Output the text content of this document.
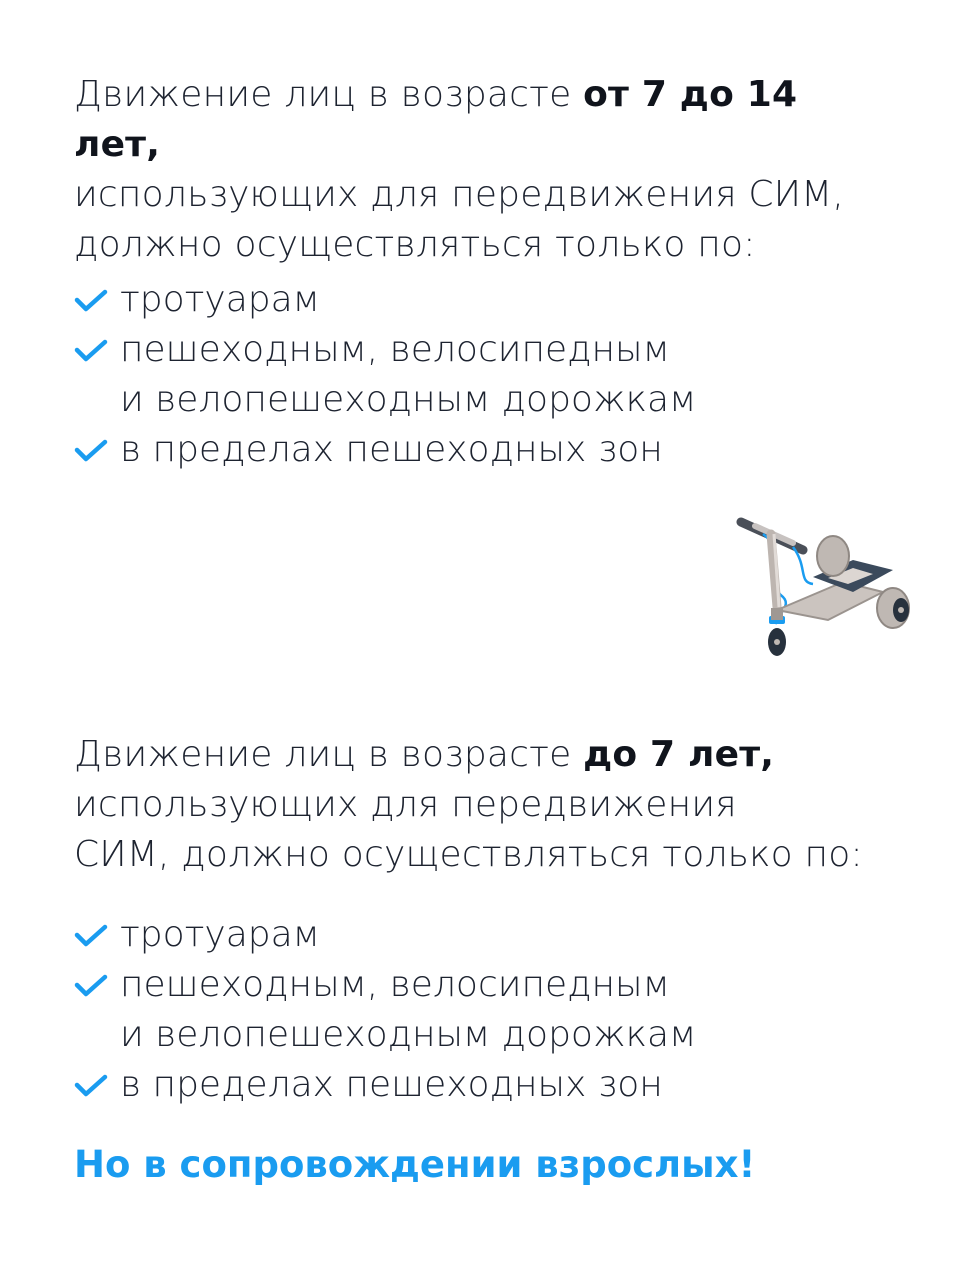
Движение лиц в возрасте от 7 до 14 лет,
использующих для передвижения СИМ,
должно осуществляться только по:

тротуарам
пешеходным, велосипедным
и велопешеходным дорожкам
в пределах пешеходных зон

Движение лиц в возрасте до 7 лет,
использующих для передвижения
СИМ, должно осуществляться только по:

тротуарам
пешеходным, велосипедным
и велопешеходным дорожкам
в пределах пешеходных зон

Но в сопровождении взрослых!
